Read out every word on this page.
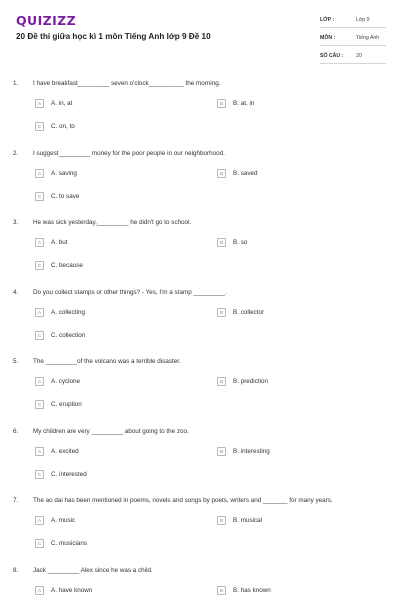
QUIZIZZ
20 Đề thi giữa học kì 1 môn Tiếng Anh lớp 9 Đề 10
LỚP :	Lớp 9
MÔN :	Tiếng Anh
SỐ CÂU : 20
1. I have breakfast_________ seven o'clock__________ the morning.
A	A. in, at	B	B. at, in
C	C. on, to
2. I suggest_________ money for the poor people in our neighborhood.
A	A. saving	B	B. saved
C	C. to save
3. He was sick yesterday,_________ he didn't go to school.
A	A. but	B	B. so
C	C. because
4. Do you collect stamps or other things? - Yes, I'm a stamp _________.
A	A. collecting	B	B. collector
C	C. collection
5. The _________of the volcano was a terrible disaster.
A	A. cyclone	B	B. prediction
C	C. eruption
6. My children are very _________ about going to the zoo.
A	A. excited	B	B. interesting
C	C. interested
7. The ao dai has been mentioned in poems, novels and songs by poets, writers and _______ for many years.
A	A. music	B	B. musical
C	C. musicians
8. Jack _________ Alex since he was a child.
A	A. have known	B	B. has known
